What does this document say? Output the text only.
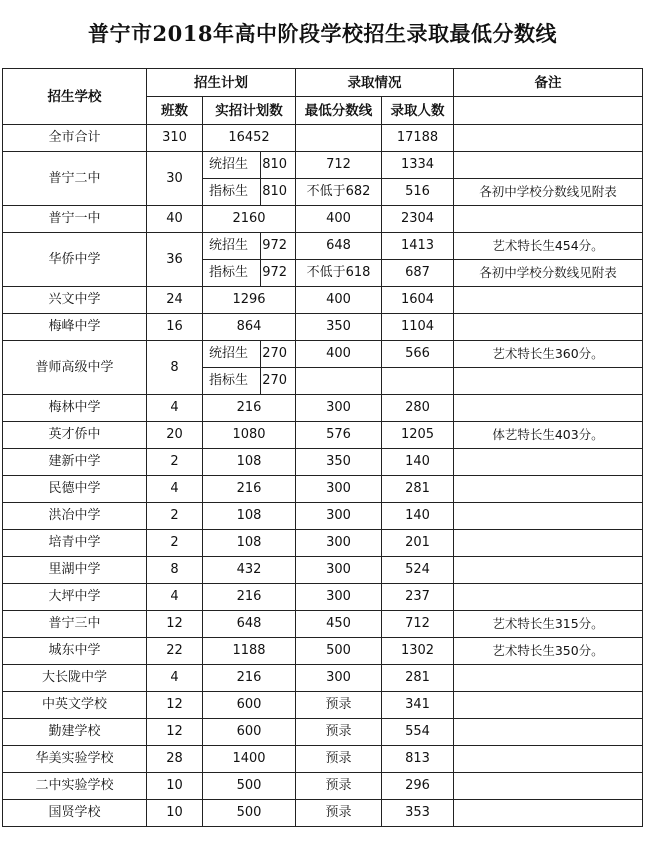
普宁市2018年高中阶段学校招生录取最低分数线
招生学校	招生计划			录取情况		备注
	班数	实招计划数		最低分数线	录取人数	
全市合计	310	16452			17188	
普宁二中	30	统招生	810	712	1334	
		指标生	810	不低于682	516	各初中学校分数线见附表
普宁一中	40	2160		400	2304	
华侨中学	36	统招生	972	648	1413	艺术特长生454分。
		指标生	972	不低于618	687	各初中学校分数线见附表
兴文中学	24	1296		400	1604	
梅峰中学	16	864		350	1104	
普师高级中学	8	统招生	270	400	566	艺术特长生360分。
		指标生	270			
梅林中学	4	216		300	280	
英才侨中	20	1080		576	1205	体艺特长生403分。
建新中学	2	108		350	140	
民德中学	4	216		300	281	
洪冶中学	2	108		300	140	
培青中学	2	108		300	201	
里湖中学	8	432		300	524	
大坪中学	4	216		300	237	
普宁三中	12	648		450	712	艺术特长生315分。
城东中学	22	1188		500	1302	艺术特长生350分。
大长陇中学	4	216		300	281	
中英文学校	12	600		预录	341	
勤建学校	12	600		预录	554	
华美实验学校	28	1400		预录	813	
二中实验学校	10	500		预录	296	
国贤学校	10	500		预录	353	
